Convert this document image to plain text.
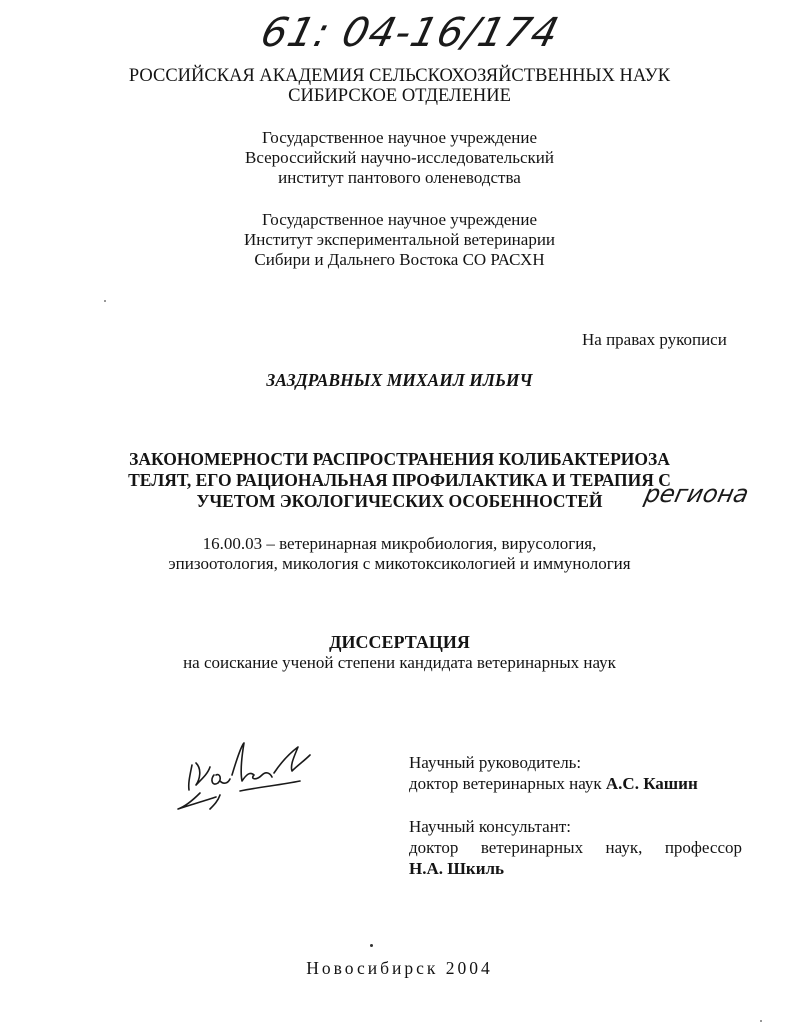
61: 04-16/174
РОССИЙСКАЯ АКАДЕМИЯ СЕЛЬСКОХОЗЯЙСТВЕННЫХ НАУК
СИБИРСКОЕ ОТДЕЛЕНИЕ
Государственное научное учреждение
Всероссийский научно-исследовательский
институт пантового оленеводства
Государственное научное учреждение
Институт экспериментальной ветеринарии
Сибири и Дальнего Востока СО РАСХН
На правах рукописи
ЗАЗДРАВНЫХ МИХАИЛ ИЛЬИЧ
ЗАКОНОМЕРНОСТИ РАСПРОСТРАНЕНИЯ КОЛИБАКТЕРИОЗА
ТЕЛЯТ, ЕГО РАЦИОНАЛЬНАЯ ПРОФИЛАКТИКА И ТЕРАПИЯ С
УЧЕТОМ ЭКОЛОГИЧЕСКИХ ОСОБЕННОСТЕЙ	региона
16.00.03 – ветеринарная микробиология, вирусология,
эпизоотология, микология с микотоксикологией и иммунология
ДИССЕРТАЦИЯ
на соискание ученой степени кандидата ветеринарных наук
Научный руководитель:
доктор ветеринарных наук А.С. Кашин
Научный консультант:
доктор ветеринарных наук, профессор
Н.А. Шкиль
Новосибирск 2004
